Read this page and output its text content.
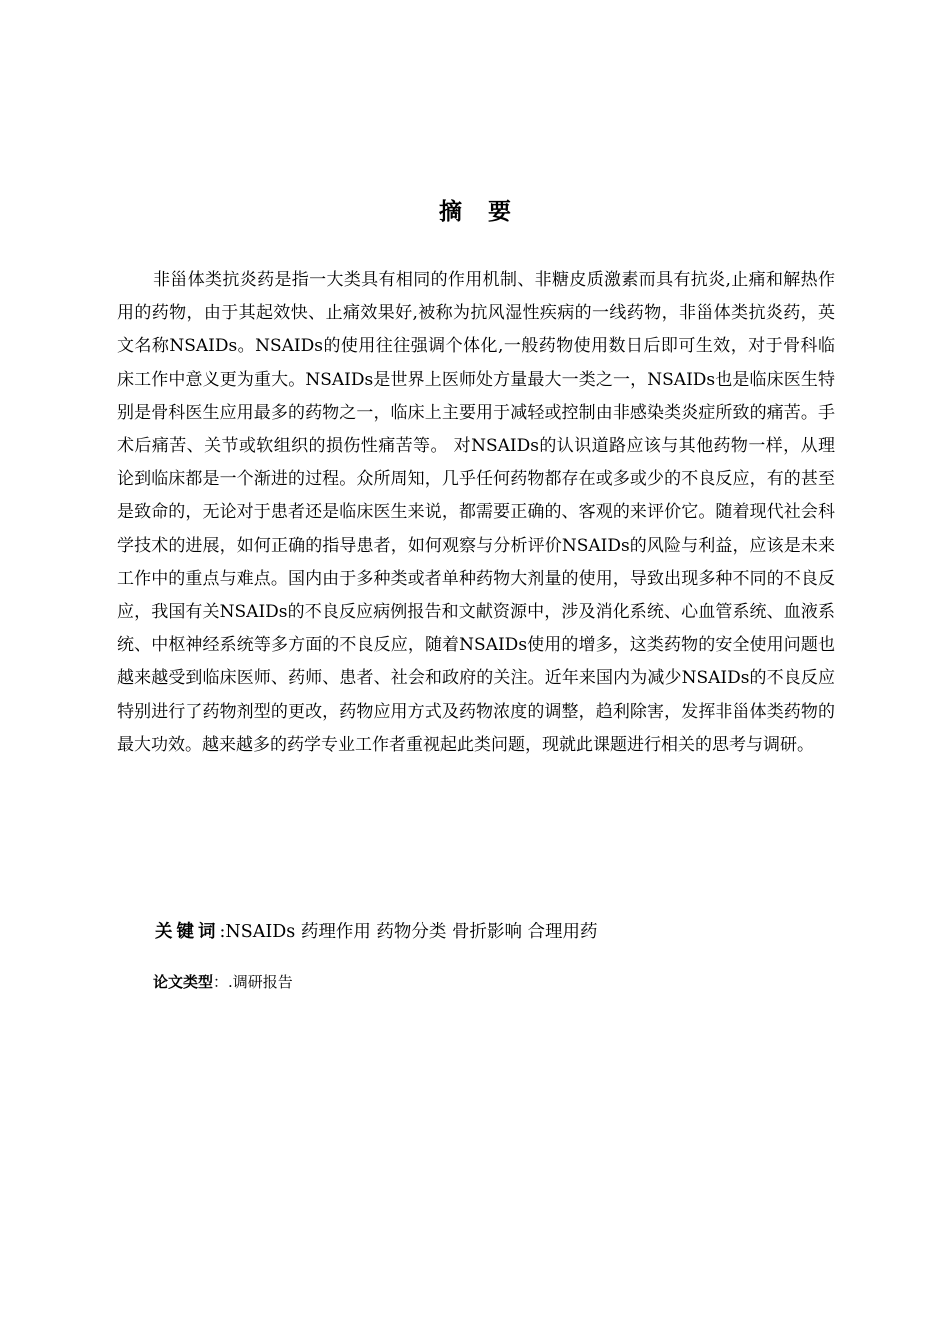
摘要
非甾体类抗炎药是指一大类具有相同的作用机制、非糖皮质激素而具有抗炎,止痛和解热作用的药物，由于其起效快、止痛效果好,被称为抗风湿性疾病的一线药物，非甾体类抗炎药，英文名称NSAIDs。NSAIDs的使用往往强调个体化,一般药物使用数日后即可生效，对于骨科临床工作中意义更为重大。NSAIDs是世界上医师处方量最大一类之一，NSAIDs也是临床医生特别是骨科医生应用最多的药物之一，临床上主要用于减轻或控制由非感染类炎症所致的痛苦。手术后痛苦、关节或软组织的损伤性痛苦等。 对NSAIDs的认识道路应该与其他药物一样，从理论到临床都是一个渐进的过程。众所周知，几乎任何药物都存在或多或少的不良反应，有的甚至是致命的，无论对于患者还是临床医生来说，都需要正确的、客观的来评价它。随着现代社会科学技术的进展，如何正确的指导患者，如何观察与分析评价NSAIDs的风险与利益，应该是未来工作中的重点与难点。国内由于多种类或者单种药物大剂量的使用，导致出现多种不同的不良反应，我国有关NSAIDs的不良反应病例报告和文献资源中，涉及消化系统、心血管系统、血液系统、中枢神经系统等多方面的不良反应，随着NSAIDs使用的增多，这类药物的安全使用问题也越来越受到临床医师、药师、患者、社会和政府的关注。近年来国内为减少NSAIDs的不良反应特别进行了药物剂型的更改，药物应用方式及药物浓度的调整，趋利除害，发挥非甾体类药物的最大功效。越来越多的药学专业工作者重视起此类问题，现就此课题进行相关的思考与调研。
关键词:NSAIDs 药理作用 药物分类 骨折影响 合理用药
论文类型：.调研报告
